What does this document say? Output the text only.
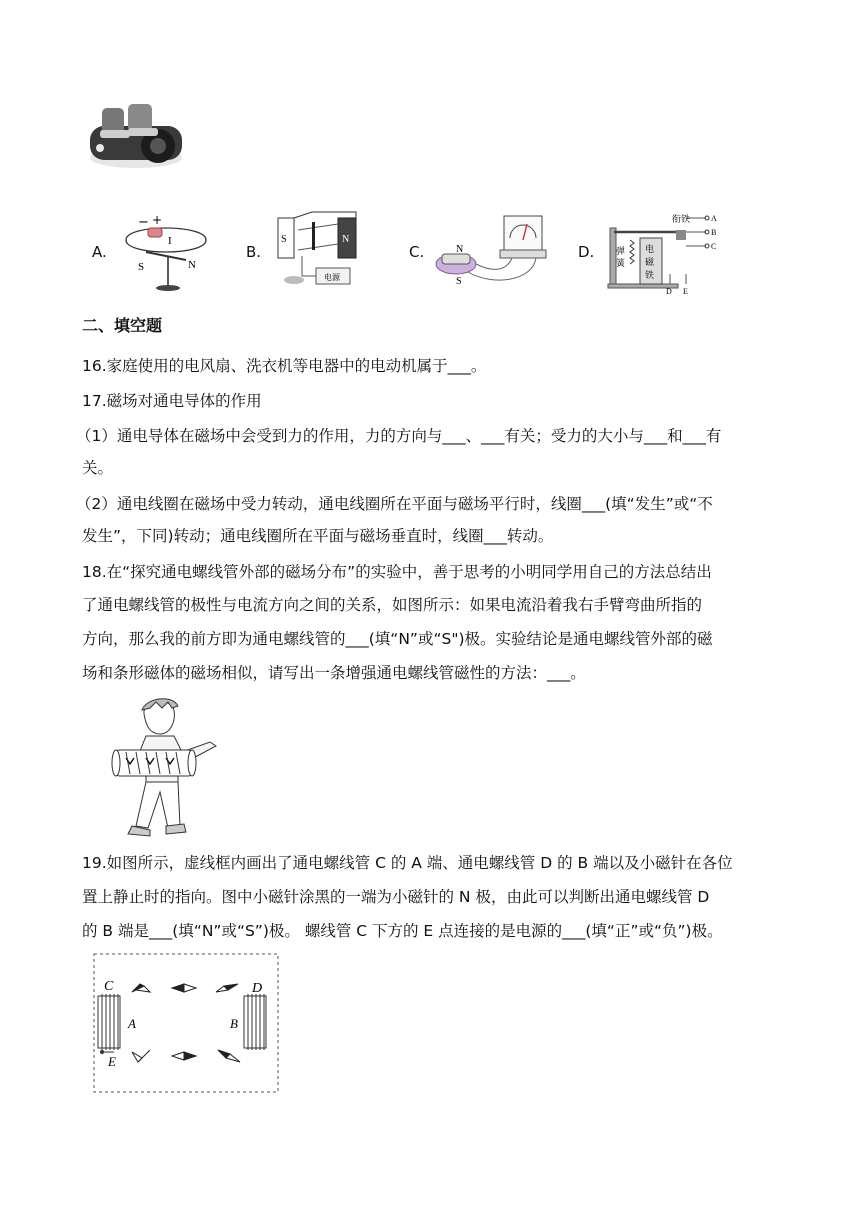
A.	B.	C.	D.
− +
I
S	N
S	N
电源
N
S
弹
簧
电
磁
铁
衔铁	A
B
C
D E
二、填空题
16.家庭使用的电风扇、洗衣机等电器中的电动机属于___。
17.磁场对通电导体的作用
（1）通电导体在磁场中会受到力的作用，力的方向与___、___有关；受力的大小与___和___有
关。
（2）通电线圈在磁场中受力转动，通电线圈所在平面与磁场平行时，线圈___(填“发生”或“不
发生”，下同)转动；通电线圈所在平面与磁场垂直时，线圈___转动。
18.在“探究通电螺线管外部的磁场分布”的实验中，善于思考的小明同学用自己的方法总结出
了通电螺线管的极性与电流方向之间的关系，如图所示：如果电流沿着我右手臂弯曲所指的
方向，那么我的前方即为通电螺线管的___(填“N”或“S")极。实验结论是通电螺线管外部的磁
场和条形磁体的磁场相似，请写出一条增强通电螺线管磁性的方法：___。
19.如图所示，虚线框内画出了通电螺线管 C 的 A 端、通电螺线管 D 的 B 端以及小磁针在各位
置上静止时的指向。图中小磁针涂黑的一端为小磁针的 N 极，由此可以判断出通电螺线管 D
的 B 端是___(填“N”或“S”)极。 螺线管 C 下方的 E 点连接的是电源的___(填“正”或“负”)极。
C	D
A	B
E
